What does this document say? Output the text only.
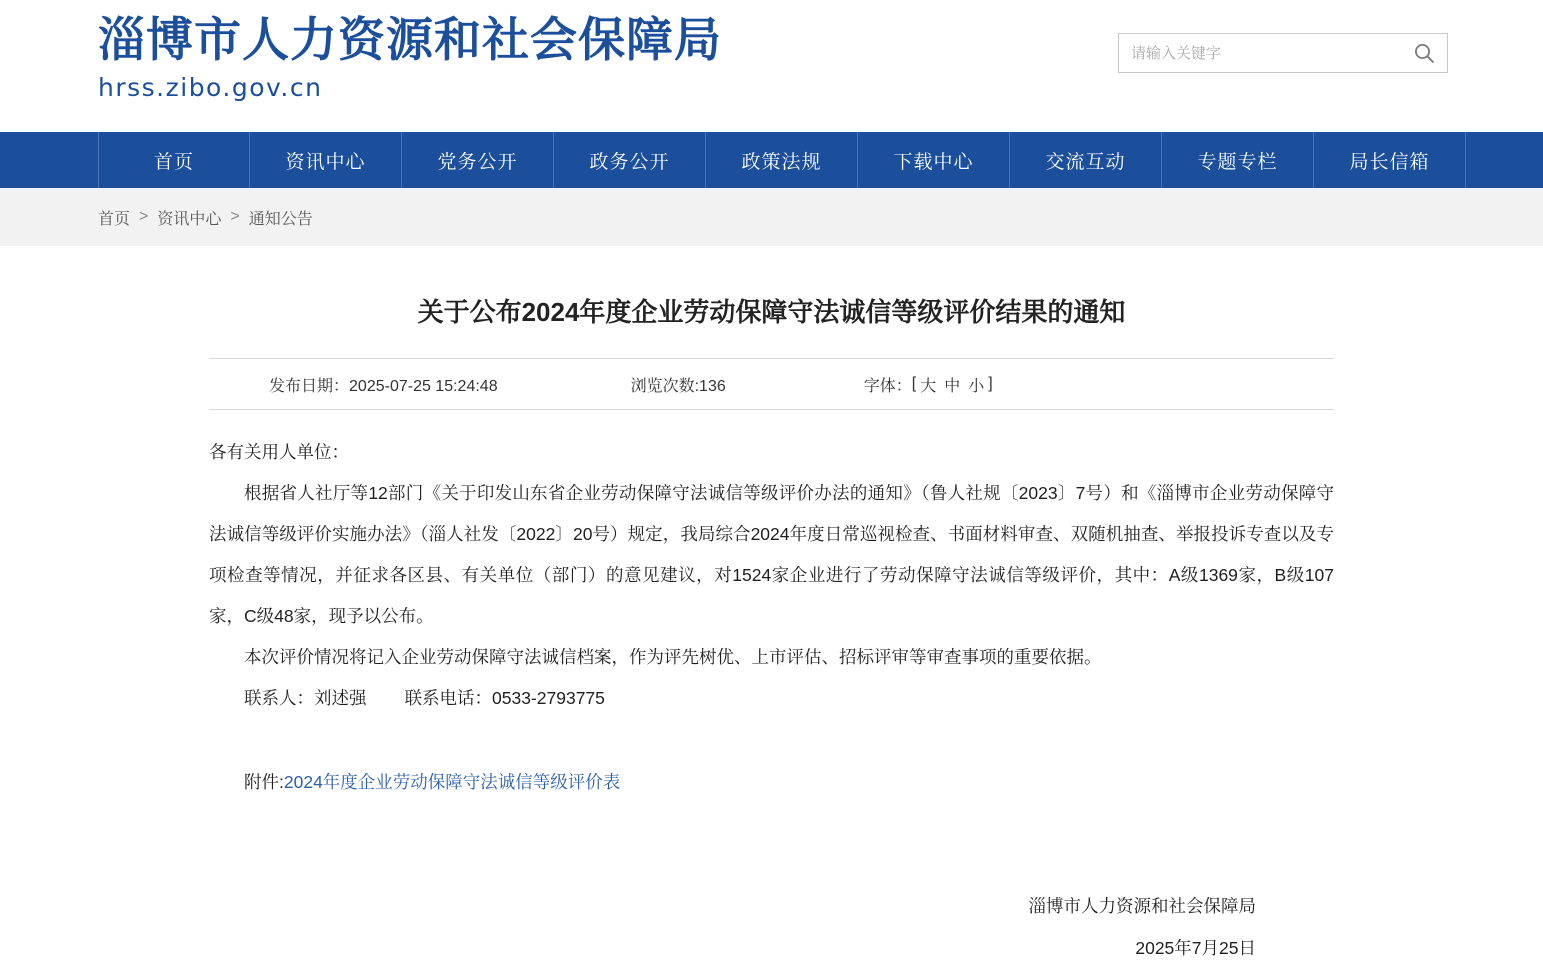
淄博市人力资源和社会保障局
hrss.zibo.gov.cn
请输入关键字
首页	资讯中心	党务公开	政务公开	政策法规	下载中心	交流互动	专题专栏	局长信箱
首页 > 资讯中心 > 通知公告
关于公布2024年度企业劳动保障守法诚信等级评价结果的通知
发布日期：2025-07-25 15:24:48	浏览次数:136	字体： [ 大 中 小 ]

各有关用人单位：

根据省人社厅等12部门《关于印发山东省企业劳动保障守法诚信等级评价办法的通知》（鲁人社规〔2023〕7号）和《淄博市企业劳动保障守法诚信等级评价实施办法》（淄人社发〔2022〕20号）规定，我局综合2024年度日常巡视检查、书面材料审查、双随机抽查、举报投诉专查以及专项检查等情况，并征求各区县、有关单位（部门）的意见建议，对1524家企业进行了劳动保障守法诚信等级评价，其中：A级1369家，B级107家，C级48家，现予以公布。

本次评价情况将记入企业劳动保障守法诚信档案，作为评先树优、上市评估、招标评审等审查事项的重要依据。

联系人：刘述强 联系电话：0533-2793775

附件:2024年度企业劳动保障守法诚信等级评价表
淄博市人力资源和社会保障局
2025年7月25日
